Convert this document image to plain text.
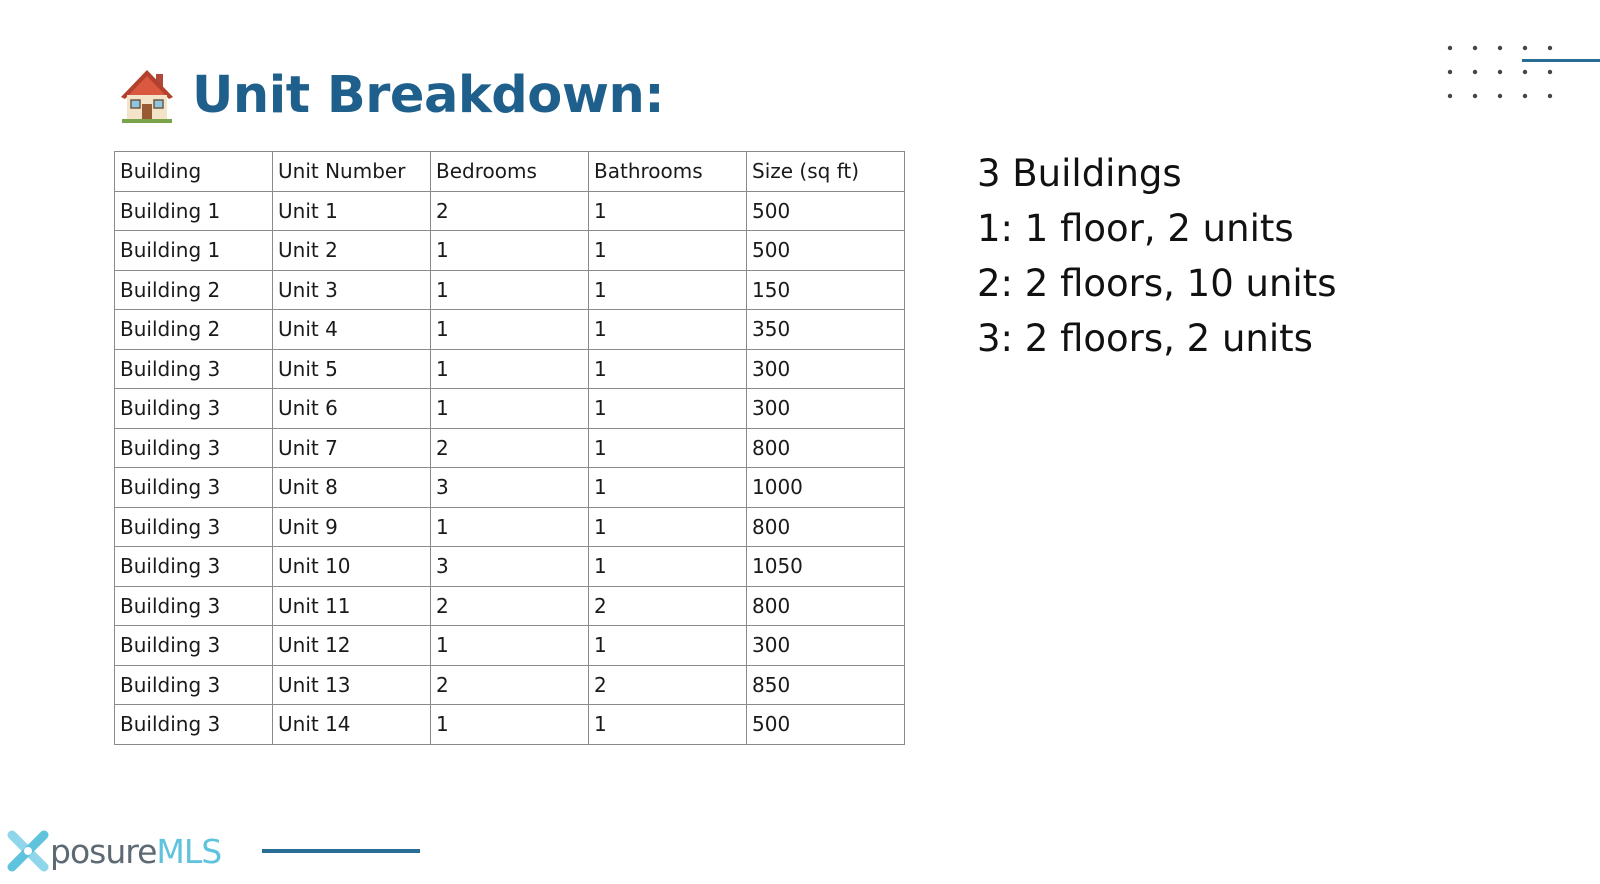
Unit Breakdown:
Building	Unit Number	Bedrooms	Bathrooms	Size (sq ft)
Building 1	Unit 1	2	1	500
Building 1	Unit 2	1	1	500
Building 2	Unit 3	1	1	150
Building 2	Unit 4	1	1	350
Building 3	Unit 5	1	1	300
Building 3	Unit 6	1	1	300
Building 3	Unit 7	2	1	800
Building 3	Unit 8	3	1	1000
Building 3	Unit 9	1	1	800
Building 3	Unit 10	3	1	1050
Building 3	Unit 11	2	2	800
Building 3	Unit 12	1	1	300
Building 3	Unit 13	2	2	850
Building 3	Unit 14	1	1	500
3 Buildings
1: 1 floor, 2 units
2: 2 floors, 10 units
3: 2 floors, 2 units
posure MLS
